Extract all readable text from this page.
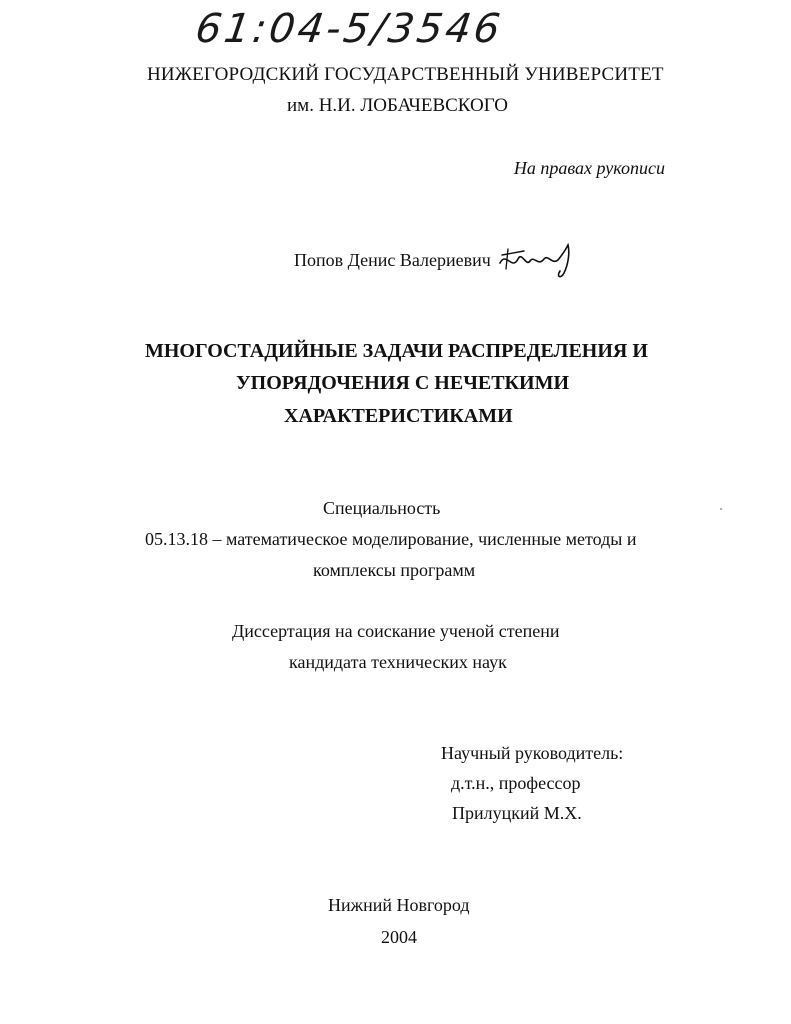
61:04-5/3546
НИЖЕГОРОДСКИЙ ГОСУДАРСТВЕННЫЙ УНИВЕРСИТЕТ
им. Н.И. ЛОБАЧЕВСКОГО
На правах рукописи
Попов Денис Валериевич
МНОГОСТАДИЙНЫЕ ЗАДАЧИ РАСПРЕДЕЛЕНИЯ И
УПОРЯДОЧЕНИЯ С НЕЧЕТКИМИ
ХАРАКТЕРИСТИКАМИ
Специальность
05.13.18 – математическое моделирование, численные методы и
комплексы программ
Диссертация на соискание ученой степени
кандидата технических наук
Научный руководитель:
д.т.н., профессор
Прилуцкий М.Х.
Нижний Новгород
2004
